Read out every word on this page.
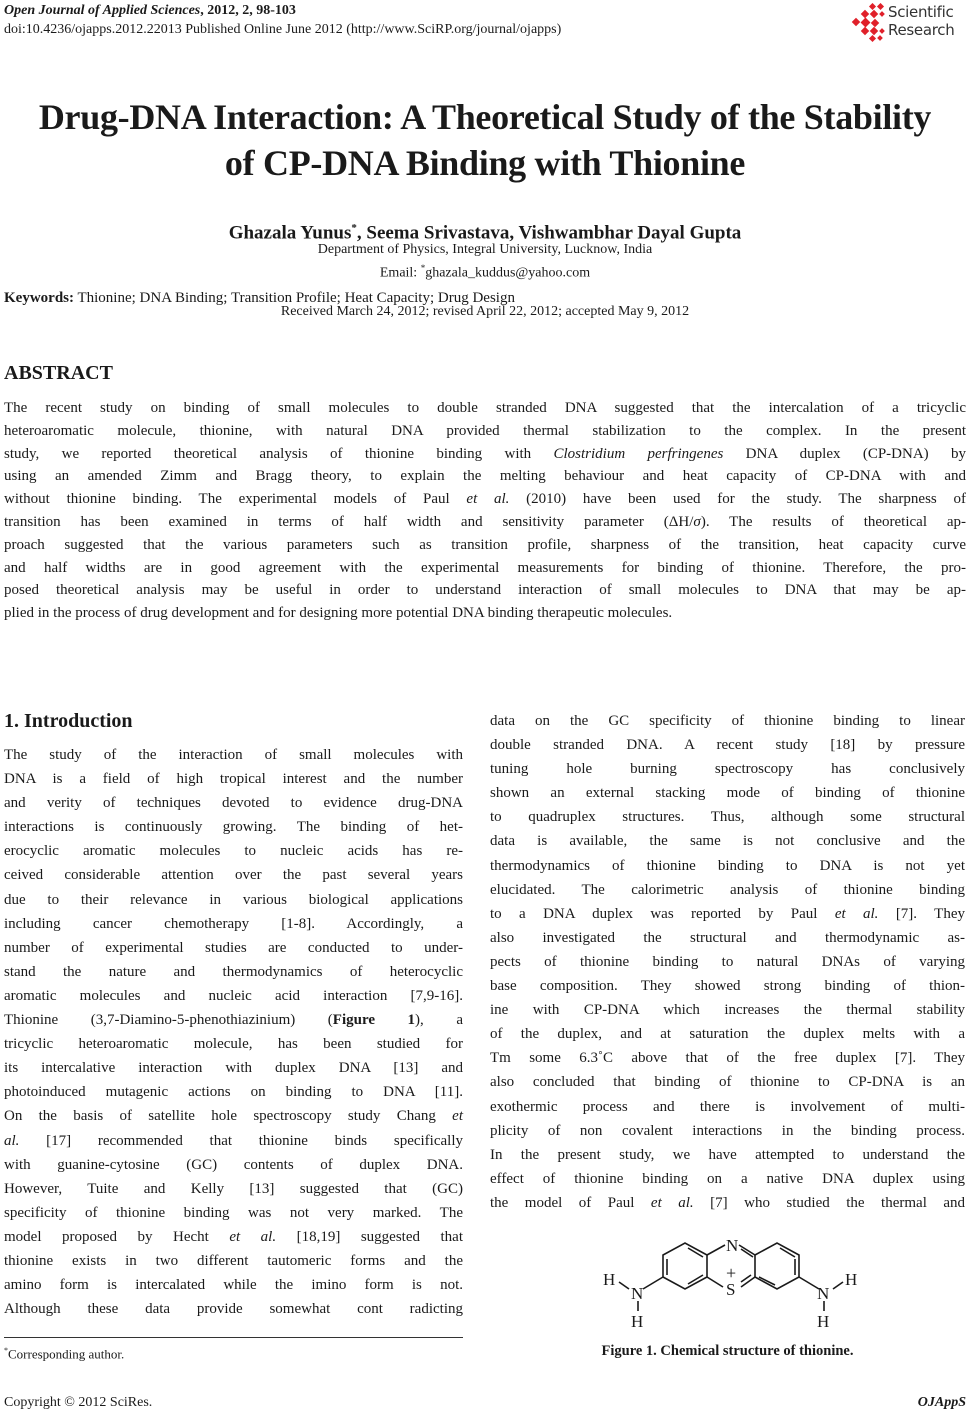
Open Journal of Applied Sciences, 2012, 2, 98-103
doi:10.4236/ojapps.2012.22013 Published Online June 2012 (http://www.SciRP.org/journal/ojapps)
Scientific
Research
Drug-DNA Interaction: A Theoretical Study of the Stability
of CP-DNA Binding with Thionine
Ghazala Yunus*, Seema Srivastava, Vishwambhar Dayal Gupta
Department of Physics, Integral University, Lucknow, India
Email: *ghazala_kuddus@yahoo.com
Received March 24, 2012; revised April 22, 2012; accepted May 9, 2012
ABSTRACT
The recent study on binding of small molecules to double stranded DNA suggested that the intercalation of a tricyclic
heteroaromatic molecule, thionine, with natural DNA provided thermal stabilization to the complex. In the present
study, we reported theoretical analysis of thionine binding with Clostridium perfringenes DNA duplex (CP-DNA) by
using an amended Zimm and Bragg theory, to explain the melting behaviour and heat capacity of CP-DNA with and
without thionine binding. The experimental models of Paul et al. (2010) have been used for the study. The sharpness of
transition has been examined in terms of half width and sensitivity parameter (ΔH/σ). The results of theoretical ap-
proach suggested that the various parameters such as transition profile, sharpness of the transition, heat capacity curve
and half widths are in good agreement with the experimental measurements for binding of thionine. Therefore, the pro-
posed theoretical analysis may be useful in order to understand interaction of small molecules to DNA that may be ap-
plied in the process of drug development and for designing more potential DNA binding therapeutic molecules.
Keywords: Thionine; DNA Binding; Transition Profile; Heat Capacity; Drug Design
1. Introduction
The study of the interaction of small molecules with
DNA is a field of high tropical interest and the number
and verity of techniques devoted to evidence drug-DNA
interactions is continuously growing. The binding of het-
erocyclic aromatic molecules to nucleic acids has re-
ceived considerable attention over the past several years
due to their relevance in various biological applications
including cancer chemotherapy [1-8]. Accordingly, a
number of experimental studies are conducted to under-
stand the nature and thermodynamics of heterocyclic
aromatic molecules and nucleic acid interaction [7,9-16].
Thionine (3,7-Diamino-5-phenothiazinium) (Figure 1), a
tricyclic heteroaromatic molecule, has been studied for
its intercalative interaction with duplex DNA [13] and
photoinduced mutagenic actions on binding to DNA [11].
On the basis of satellite hole spectroscopy study Chang et
al. [17] recommended that thionine binds specifically
with guanine-cytosine (GC) contents of duplex DNA.
However, Tuite and Kelly [13] suggested that (GC)
specificity of thionine binding was not very marked. The
model proposed by Hecht et al. [18,19] suggested that
thionine exists in two different tautomeric forms and the
amino form is intercalated while the imino form is not.
Although these data provide somewhat cont radicting
data on the GC specificity of thionine binding to linear
double stranded DNA. A recent study [18] by pressure
tuning hole burning spectroscopy has conclusively
shown an external stacking mode of binding of thionine
to quadruplex structures. Thus, although some structural
data is available, the same is not conclusive and the
thermodynamics of thionine binding to DNA is not yet
elucidated. The calorimetric analysis of thionine binding
to a DNA duplex was reported by Paul et al. [7]. They
also investigated the structural and thermodynamic as-
pects of thionine binding to natural DNAs of varying
base composition. They showed strong binding of thion-
ine with CP-DNA which increases the thermal stability
of the duplex, and at saturation the duplex melts with a
Tm some 6.3˚C above that of the free duplex [7]. They
also concluded that binding of thionine to CP-DNA is an
exothermic process and there is involvement of multi-
plicity of non covalent interactions in the binding process.
In the present study, we have attempted to understand the
effect of thionine binding on a native DNA duplex using
the model of Paul et al. [7] who studied the thermal and
N
S
+
H
N
H
N
H
H
Figure 1. Chemical structure of thionine.
*Corresponding author.
Copyright © 2012 SciRes.	OJAppS
